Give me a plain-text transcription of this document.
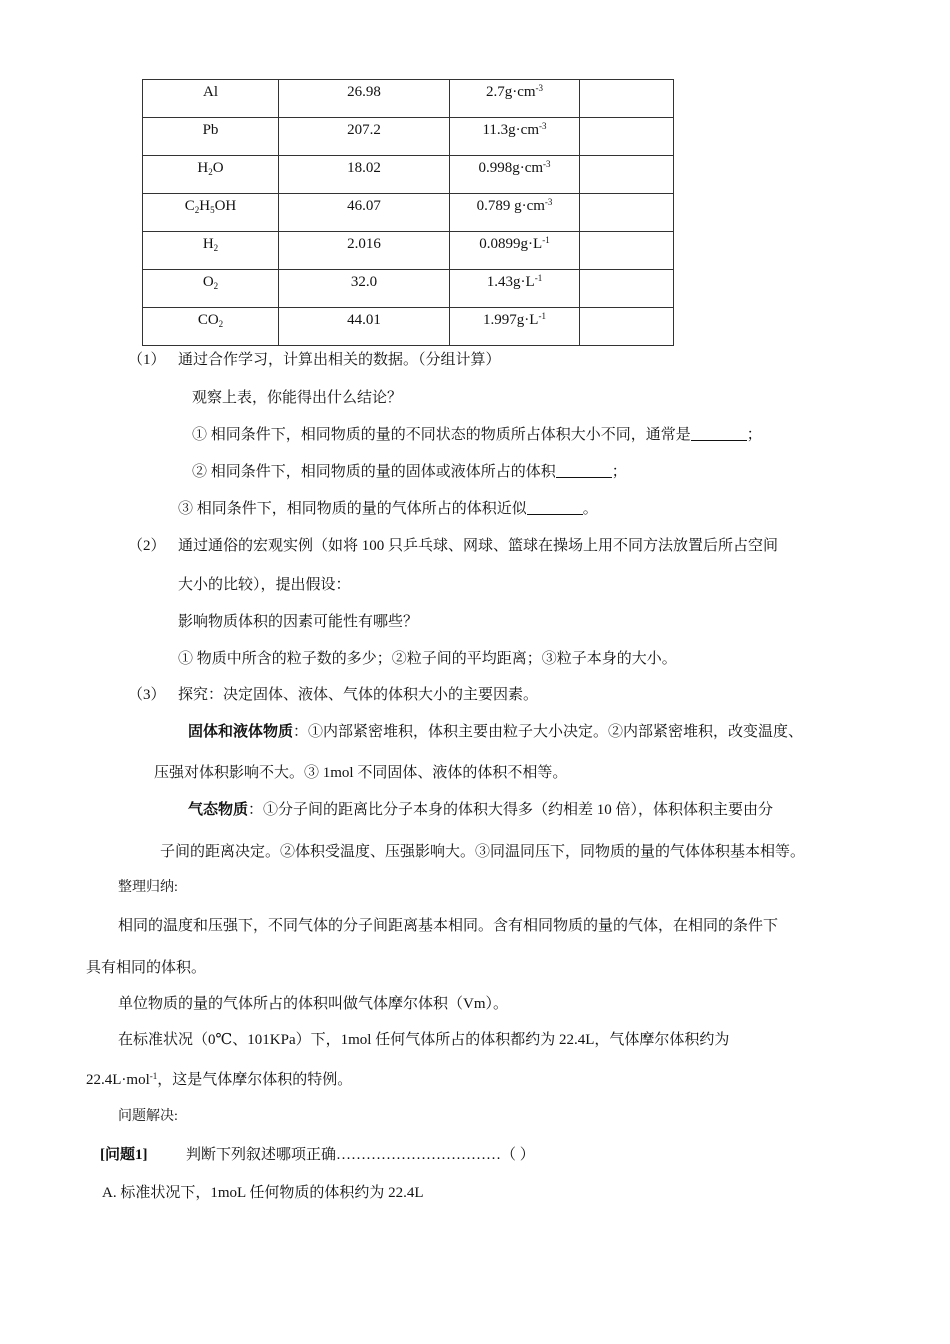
Al	26.98	$2.7g\cdot cm^{-3}$	
Pb	207.2	$11.3g\cdot cm^{-3}$	
$H_2O$	18.02	$0.998g\cdot cm^{-3}$	
$C_2H_5OH$	46.07	0.789 $g\cdot cm^{-3}$	
$H_2$	2.016	$0.0899g\cdot L^{-1}$	
$O_2$	32.0	$1.43g\cdot L^{-1}$	
$CO_2$	44.01	$1.997g\cdot L^{-1}$	
（1） 通过合作学习，计算出相关的数据。（分组计算）
观察上表，你能得出什么结论？
① 相同条件下，相同物质的量的不同状态的物质所占体积大小不同，通常是	；
② 相同条件下，相同物质的量的固体或液体所占的体积	；
③ 相同条件下，相同物质的量的气体所占的体积近似	。
（2） 通过通俗的宏观实例（如将 100 只乒乓球、网球、篮球在操场上用不同方法放置后所占空间
大小的比较），提出假设：
影响物质体积的因素可能性有哪些？
① 物质中所含的粒子数的多少；②粒子间的平均距离；③粒子本身的大小。
（3） 探究：决定固体、液体、气体的体积大小的主要因素。
固体和液体物质：①内部紧密堆积，体积主要由粒子大小决定。②内部紧密堆积，改变温度、
压强对体积影响不大。③ 1mol 不同固体、液体的体积不相等。
气态物质：①分子间的距离比分子本身的体积大得多（约相差 10 倍），体积体积主要由分
子间的距离决定。②体积受温度、压强影响大。③同温同压下，同物质的量的气体体积基本相等。
整理归纳:
相同的温度和压强下，不同气体的分子间距离基本相同。含有相同物质的量的气体，在相同的条件下
具有相同的体积。
单位物质的量的气体所占的体积叫做气体摩尔体积（Vm）。
在标准状况（0℃、101KPa）下，1mol 任何气体所占的体积都约为 22.4L，气体摩尔体积约为
22.4L·mol$^{-1}$，这是气体摩尔体积的特例。
问题解决:
[问题1]	判断下列叙述哪项正确……………………………（ ）
A. 标准状况下，1moL 任何物质的体积约为 22.4L
